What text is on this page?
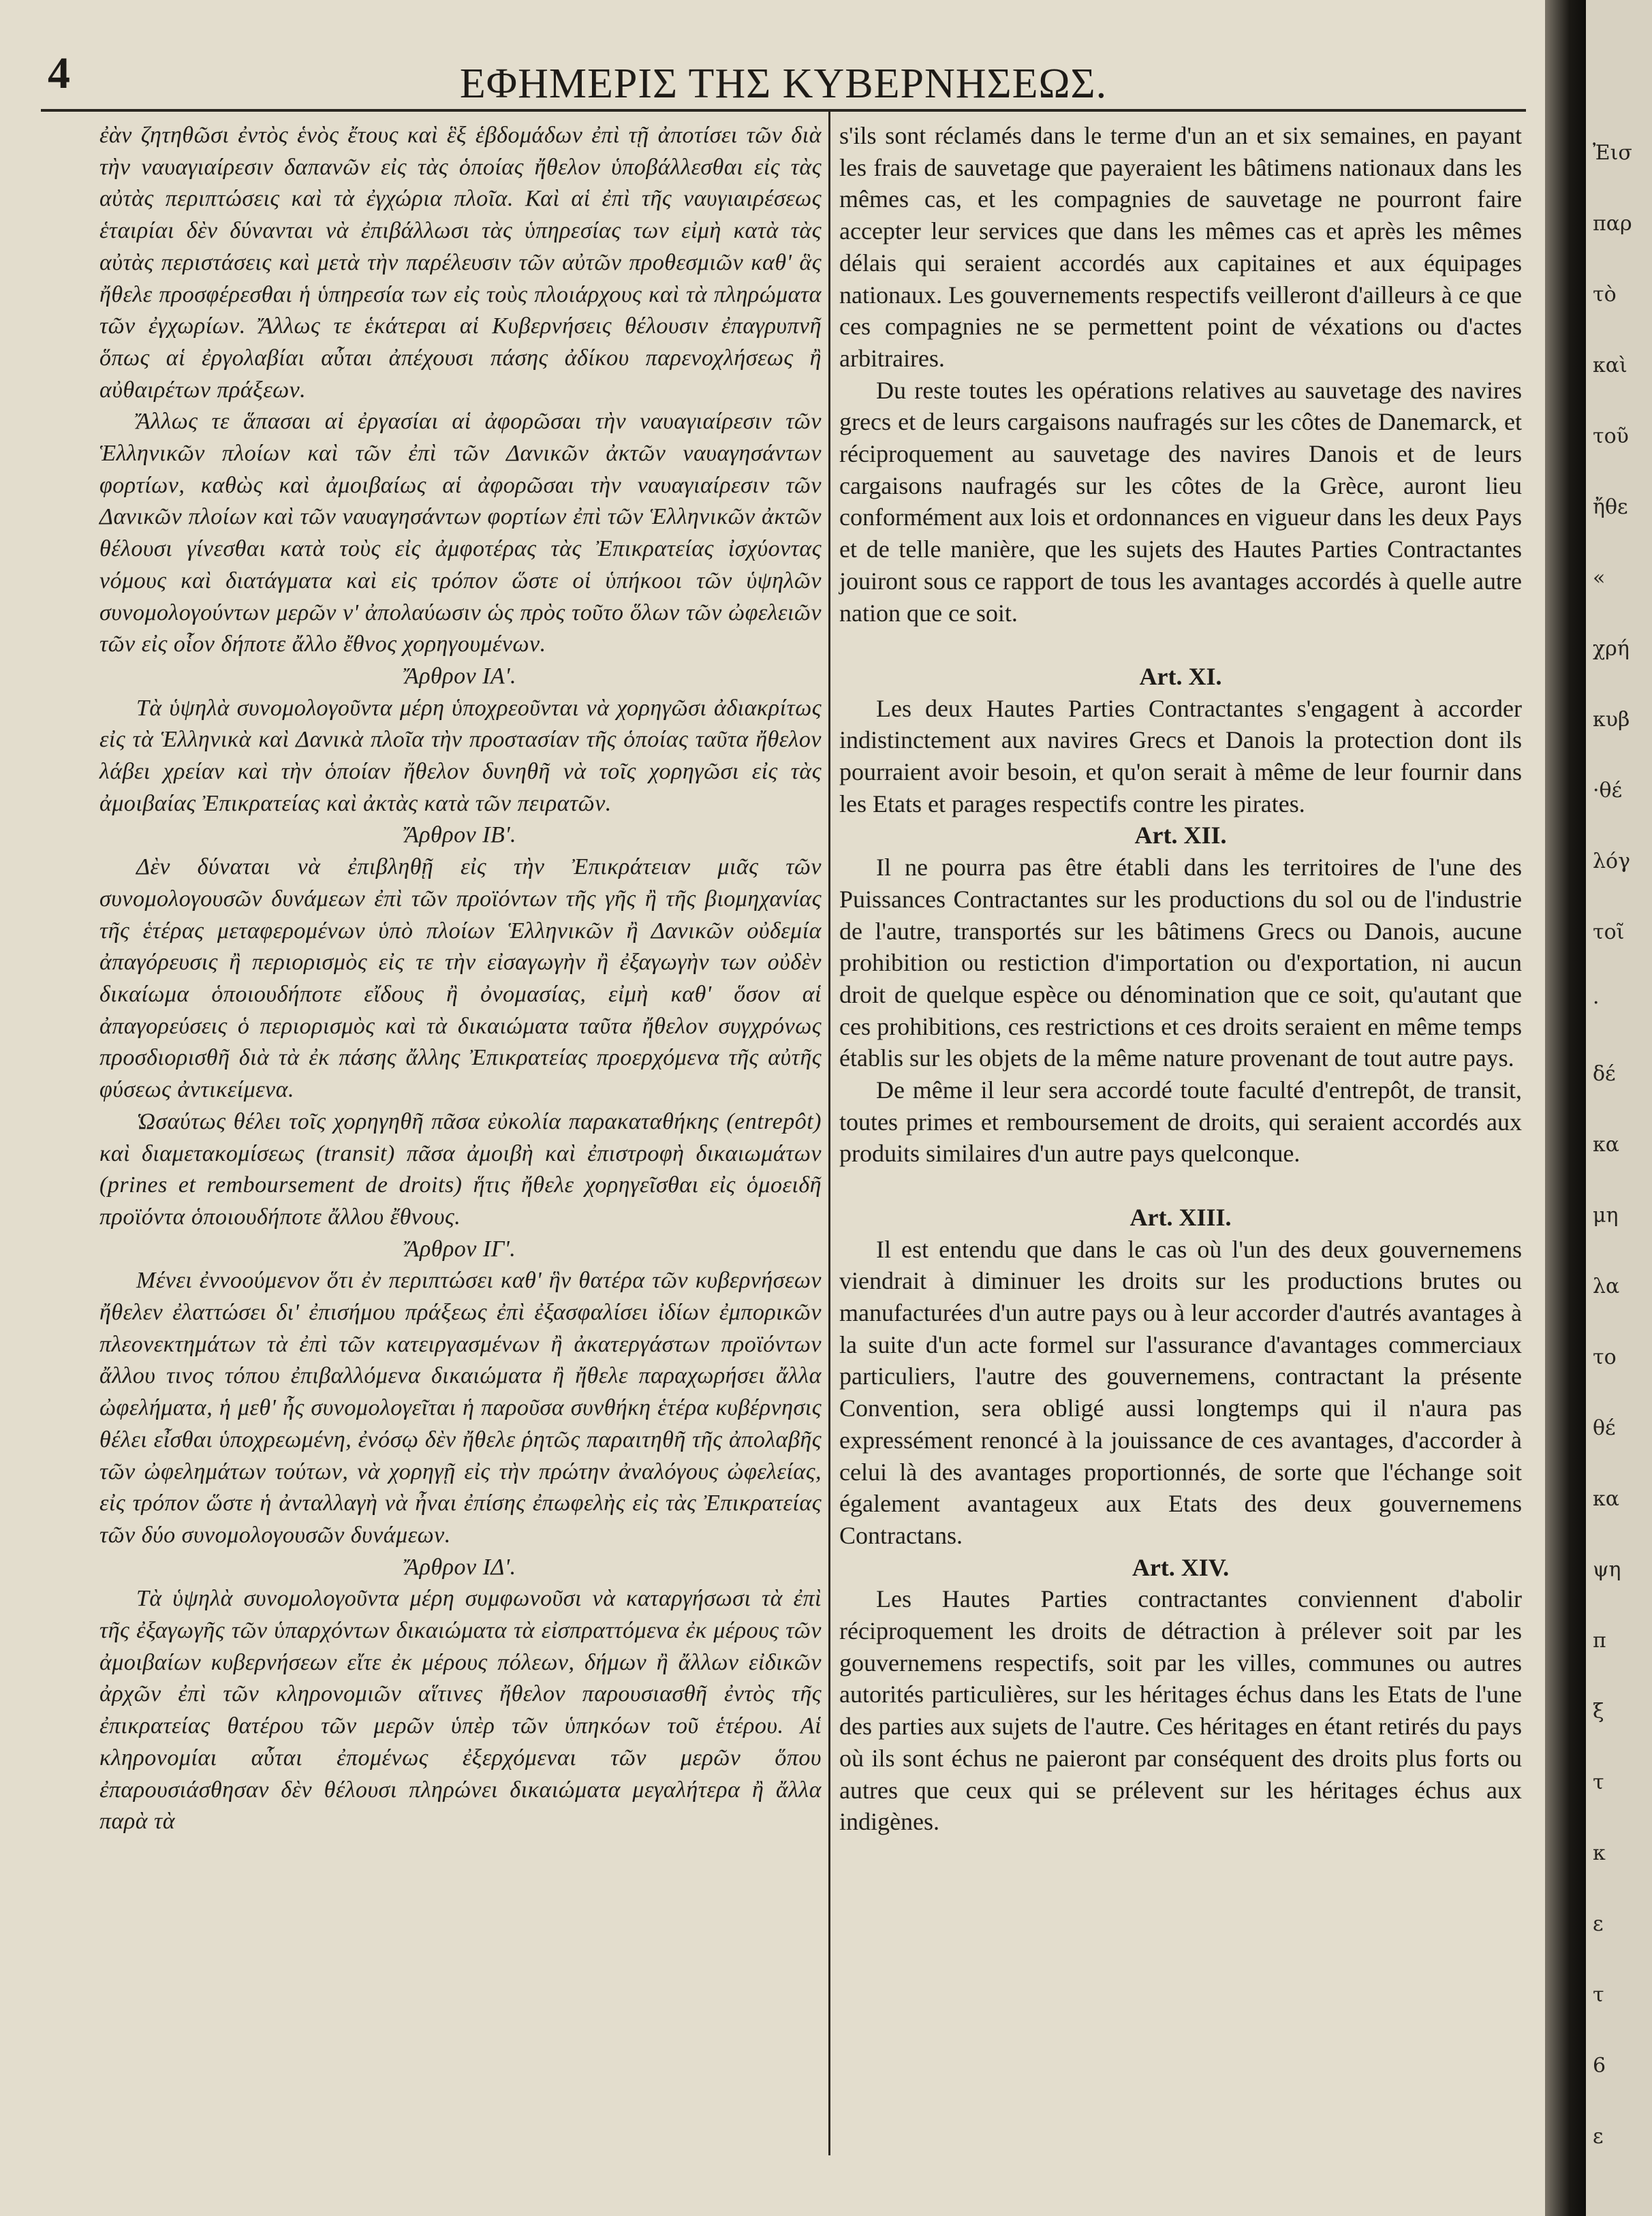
4	ΕΦΗΜΕΡΙΣ ΤΗΣ ΚΥΒΕΡΝΗΣΕΩΣ.

ἐὰν ζητηθῶσι ἐντὸς ἑνὸς ἔτους καὶ ἓξ ἑβδομάδων ἐπὶ τῇ ἀποτίσει τῶν διὰ τὴν ναυαγιαίρεσιν δαπανῶν εἰς τὰς ὁποίας ἤθελον ὑποβάλλεσθαι εἰς τὰς αὐτὰς περιπτώσεις καὶ τὰ ἐγχώρια πλοῖα. Καὶ αἱ ἐπὶ τῆς ναυγιαιρέσεως ἑταιρίαι δὲν δύνανται νὰ ἐπιβάλλωσι τὰς ὑπηρεσίας των εἰμὴ κατὰ τὰς αὐτὰς περιστάσεις καὶ μετὰ τὴν παρέλευσιν τῶν αὐτῶν προθεσμιῶν καθ' ἃς ἤθελε προσφέρεσθαι ἡ ὑπηρεσία των εἰς τοὺς πλοιάρχους καὶ τὰ πληρώματα τῶν ἐγχωρίων. Ἄλλως τε ἑκάτεραι αἱ Κυβερνήσεις θέλουσιν ἐπαγρυπνῆ ὅπως αἱ ἐργολαβίαι αὗται ἀπέχουσι πάσης ἀδίκου παρενοχλήσεως ἢ αὐθαιρέτων πράξεων.

Ἄλλως τε ἅπασαι αἱ ἐργασίαι αἱ ἀφορῶσαι τὴν ναυαγιαίρεσιν τῶν Ἑλληνικῶν πλοίων καὶ τῶν ἐπὶ τῶν Δανικῶν ἀκτῶν ναυαγησάντων φορτίων, καθὼς καὶ ἀμοιβαίως αἱ ἀφορῶσαι τὴν ναυαγιαίρεσιν τῶν Δανικῶν πλοίων καὶ τῶν ναυαγησάντων φορτίων ἐπὶ τῶν Ἑλληνικῶν ἀκτῶν θέλουσι γίνεσθαι κατὰ τοὺς εἰς ἀμφοτέρας τὰς Ἐπικρατείας ἰσχύοντας νόμους καὶ διατάγματα καὶ εἰς τρόπον ὥστε οἱ ὑπήκοοι τῶν ὑψηλῶν συνομολογούντων μερῶν ν' ἀπολαύωσιν ὡς πρὸς τοῦτο ὅλων τῶν ὠφελειῶν τῶν εἰς οἷον δήποτε ἄλλο ἔθνος χορηγουμένων.

Ἄρθρον ΙΑ'.

Τὰ ὑψηλὰ συνομολογοῦντα μέρη ὑποχρεοῦνται νὰ χορηγῶσι ἀδιακρίτως εἰς τὰ Ἑλληνικὰ καὶ Δανικὰ πλοῖα τὴν προστασίαν τῆς ὁποίας ταῦτα ἤθελον λάβει χρείαν καὶ τὴν ὁποίαν ἤθελον δυνηθῆ νὰ τοῖς χορηγῶσι εἰς τὰς ἀμοιβαίας Ἐπικρατείας καὶ ἀκτὰς κατὰ τῶν πειρατῶν.

Ἄρθρον ΙΒ'.

Δὲν δύναται νὰ ἐπιβληθῇ εἰς τὴν Ἐπικράτειαν μιᾶς τῶν συνομολογουσῶν δυνάμεων ἐπὶ τῶν προϊόντων τῆς γῆς ἢ τῆς βιομηχανίας τῆς ἑτέρας μεταφερομένων ὑπὸ πλοίων Ἑλληνικῶν ἢ Δανικῶν οὐδεμία ἀπαγόρευσις ἢ περιορισμὸς εἰς τε τὴν εἰσαγωγὴν ἢ ἐξαγωγὴν των οὐδὲν δικαίωμα ὁποιουδήποτε εἴδους ἢ ὀνομασίας, εἰμὴ καθ' ὅσον αἱ ἀπαγορεύσεις ὁ περιορισμὸς καὶ τὰ δικαιώματα ταῦτα ἤθελον συγχρόνως προσδιορισθῆ διὰ τὰ ἐκ πάσης ἄλλης Ἐπικρατείας προερχόμενα τῆς αὐτῆς φύσεως ἀντικείμενα.

Ὡσαύτως θέλει τοῖς χορηγηθῆ πᾶσα εὐκολία παρακαταθήκης (entrepôt) καὶ διαμετακομίσεως (transit) πᾶσα ἀμοιβὴ καὶ ἐπιστροφὴ δικαιωμάτων (prines et remboursement de droits) ἥτις ἤθελε χορηγεῖσθαι εἰς ὁμοειδῆ προϊόντα ὁποιουδήποτε ἄλλου ἔθνους.

Ἄρθρον ΙΓ'.

Μένει ἐννοούμενον ὅτι ἐν περιπτώσει καθ' ἣν θατέρα τῶν κυβερνήσεων ἤθελεν ἐλαττώσει δι' ἐπισήμου πράξεως ἐπὶ ἐξασφαλίσει ἰδίων ἐμπορικῶν πλεονεκτημάτων τὰ ἐπὶ τῶν κατειργασμένων ἢ ἀκατεργάστων προϊόντων ἄλλου τινος τόπου ἐπιβαλλόμενα δικαιώματα ἢ ἤθελε παραχωρήσει ἄλλα ὠφελήματα, ἡ μεθ' ἧς συνομολογεῖται ἡ παροῦσα συνθήκη ἑτέρα κυβέρνησις θέλει εἶσθαι ὑποχρεωμένη, ἐνόσῳ δὲν ἤθελε ῥητῶς παραιτηθῆ τῆς ἀπολαβῆς τῶν ὠφελημάτων τούτων, νὰ χορηγῇ εἰς τὴν πρώτην ἀναλόγους ὠφελείας, εἰς τρόπον ὥστε ἡ ἀνταλλαγὴ νὰ ἦναι ἐπίσης ἐπωφελὴς εἰς τὰς Ἐπικρατείας τῶν δύο συνομολογουσῶν δυνάμεων.

Ἄρθρον ΙΔ'.

Τὰ ὑψηλὰ συνομολογοῦντα μέρη συμφωνοῦσι νὰ καταργήσωσι τὰ ἐπὶ τῆς ἐξαγωγῆς τῶν ὑπαρχόντων δικαιώματα τὰ εἰσπραττόμενα ἐκ μέρους τῶν ἀμοιβαίων κυβερνήσεων εἴτε ἐκ μέρους πόλεων, δήμων ἢ ἄλλων εἰδικῶν ἀρχῶν ἐπὶ τῶν κληρονομιῶν αἵτινες ἤθελον παρουσιασθῆ ἐντὸς τῆς ἐπικρατείας θατέρου τῶν μερῶν ὑπὲρ τῶν ὑπηκόων τοῦ ἑτέρου. Αἱ κληρονομίαι αὗται ἐπομένως ἐξερχόμεναι τῶν μερῶν ὅπου ἐπαρουσιάσθησαν δὲν θέλουσι πληρώνει δικαιώματα μεγαλήτερα ἢ ἄλλα παρὰ τὰ

s'ils sont réclamés dans le terme d'un an et six semaines, en payant les frais de sauvetage que payeraient les bâtimens nationaux dans les mêmes cas, et les compagnies de sauvetage ne pourront faire accepter leur services que dans les mêmes cas et après les mêmes délais qui seraient accordés aux capitaines et aux équipages nationaux. Les gouvernements respectifs veilleront d'ailleurs à ce que ces compagnies ne se permettent point de véxations ou d'actes arbitraires.

Du reste toutes les opérations relatives au sauvetage des navires grecs et de leurs cargaisons naufragés sur les côtes de Danemarck, et réciproquement au sauvetage des navires Danois et de leurs cargaisons naufragés sur les côtes de la Grèce, auront lieu conformément aux lois et ordonnances en vigueur dans les deux Pays et de telle manière, que les sujets des Hautes Parties Contractantes jouiront sous ce rapport de tous les avantages accordés à quelle autre nation que ce soit.

Art. XI.

Les deux Hautes Parties Contractantes s'engagent à accorder indistinctement aux navires Grecs et Danois la protection dont ils pourraient avoir besoin, et qu'on serait à même de leur fournir dans les Etats et parages respectifs contre les pirates.

Art. XII.

Il ne pourra pas être établi dans les territoires de l'une des Puissances Contractantes sur les productions du sol ou de l'industrie de l'autre, transportés sur les bâtimens Grecs ou Danois, aucune prohibition ou restiction d'importation ou d'exportation, ni aucun droit de quelque espèce ou dénomination que ce soit, qu'autant que ces prohibitions, ces restrictions et ces droits seraient en même temps établis sur les objets de la même nature provenant de tout autre pays.

De même il leur sera accordé toute faculté d'entrepôt, de transit, toutes primes et remboursement de droits, qui seraient accordés aux produits similaires d'un autre pays quelconque.

Art. XIII.

Il est entendu que dans le cas où l'un des deux gouvernemens viendrait à diminuer les droits sur les productions brutes ou manufacturées d'un autre pays ou à leur accorder d'autrés avantages à la suite d'un acte formel sur l'assurance d'avantages commerciaux particuliers, l'autre des gouvernemens, contractant la présente Convention, sera obligé aussi longtemps qui il n'aura pas expressément renoncé à la jouissance de ces avantages, d'accorder à celui là des avantages proportionnés, de sorte que l'échange soit également avantageux aux Etats des deux gouvernemens Contractans.

Art. XIV.

Les Hautes Parties contractantes conviennent d'abolir réciproquement les droits de détraction à prélever soit par les gouvernemens respectifs, soit par les villes, communes ou autres autorités particulières, sur les héritages échus dans les Etats de l'une des parties aux sujets de l'autre. Ces héritages en étant retirés du pays où ils sont échus ne paieront par conséquent des droits plus forts ou autres que ceux qui se prélevent sur les héritages échus aux indigènes.

Ἐισ
παρ
τὸ
καὶ
τοῦ
ἤθε
«
χρή
κυβ
·θέ
λόγ
τοῖ
·
δέ
κα
μη
λα
το
θέ
κα
ψη
π
ξ
τ
κ
ε
τ
6
ε
